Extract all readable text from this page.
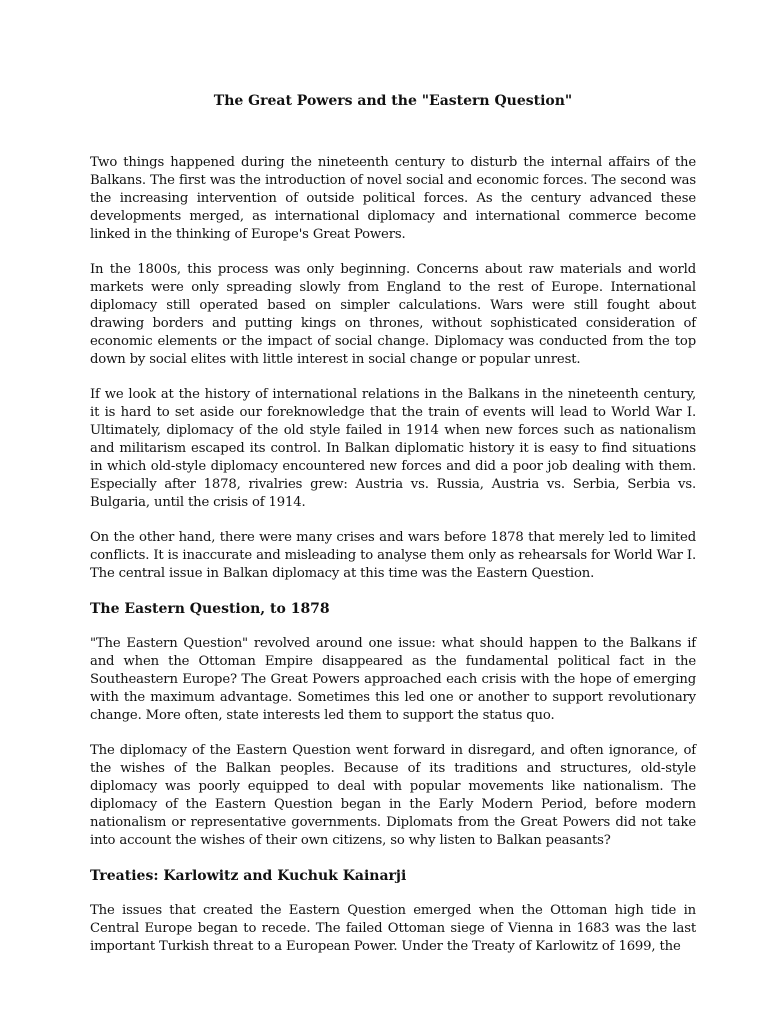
The Great Powers and the "Eastern Question"

Two things happened during the nineteenth century to disturb the internal affairs of the Balkans. The first was the introduction of novel social and economic forces. The second was the increasing intervention of outside political forces. As the century advanced these developments merged, as international diplomacy and international commerce become linked in the thinking of Europe's Great Powers.

In the 1800s, this process was only beginning. Concerns about raw materials and world markets were only spreading slowly from England to the rest of Europe. International diplomacy still operated based on simpler calculations. Wars were still fought about drawing borders and putting kings on thrones, without sophisticated consideration of economic elements or the impact of social change. Diplomacy was conducted from the top down by social elites with little interest in social change or popular unrest.

If we look at the history of international relations in the Balkans in the nineteenth century, it is hard to set aside our foreknowledge that the train of events will lead to World War I. Ultimately, diplomacy of the old style failed in 1914 when new forces such as nationalism and militarism escaped its control. In Balkan diplomatic history it is easy to find situations in which old-style diplomacy encountered new forces and did a poor job dealing with them. Especially after 1878, rivalries grew: Austria vs. Russia, Austria vs. Serbia, Serbia vs. Bulgaria, until the crisis of 1914.

On the other hand, there were many crises and wars before 1878 that merely led to limited conflicts. It is inaccurate and misleading to analyse them only as rehearsals for World War I. The central issue in Balkan diplomacy at this time was the Eastern Question.

The Eastern Question, to 1878

"The Eastern Question" revolved around one issue: what should happen to the Balkans if and when the Ottoman Empire disappeared as the fundamental political fact in the Southeastern Europe? The Great Powers approached each crisis with the hope of emerging with the maximum advantage. Sometimes this led one or another to support revolutionary change. More often, state interests led them to support the status quo.

The diplomacy of the Eastern Question went forward in disregard, and often ignorance, of the wishes of the Balkan peoples. Because of its traditions and structures, old-style diplomacy was poorly equipped to deal with popular movements like nationalism. The diplomacy of the Eastern Question began in the Early Modern Period, before modern nationalism or representative governments. Diplomats from the Great Powers did not take into account the wishes of their own citizens, so why listen to Balkan peasants?

Treaties: Karlowitz and Kuchuk Kainarji

The issues that created the Eastern Question emerged when the Ottoman high tide in Central Europe began to recede. The failed Ottoman siege of Vienna in 1683 was the last important Turkish threat to a European Power. Under the Treaty of Karlowitz of 1699, the
